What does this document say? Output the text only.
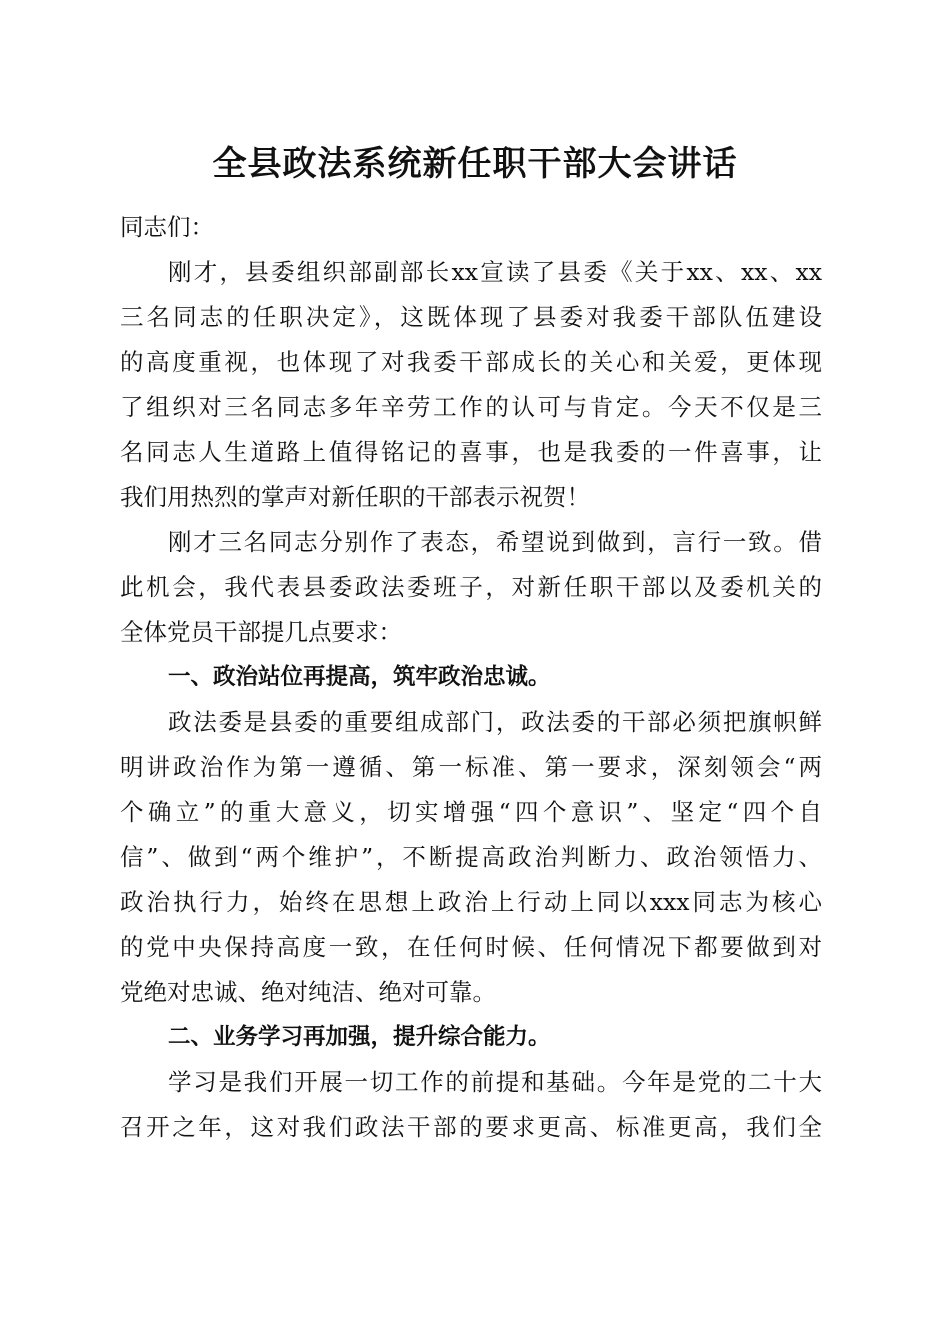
全县政法系统新任职干部大会讲话
同志们：
刚才，县委组织部副部长xx宣读了县委《关于xx、xx、xx
三名同志的任职决定》，这既体现了县委对我委干部队伍建设
的高度重视，也体现了对我委干部成长的关心和关爱，更体现
了组织对三名同志多年辛劳工作的认可与肯定。今天不仅是三
名同志人生道路上值得铭记的喜事，也是我委的一件喜事，让
我们用热烈的掌声对新任职的干部表示祝贺！
刚才三名同志分别作了表态，希望说到做到，言行一致。借
此机会，我代表县委政法委班子，对新任职干部以及委机关的
全体党员干部提几点要求：
一、政治站位再提高，筑牢政治忠诚。
政法委是县委的重要组成部门，政法委的干部必须把旗帜鲜
明讲政治作为第一遵循、第一标准、第一要求，深刻领会“两
个确立”的重大意义，切实增强“四个意识”、坚定“四个自
信”、做到“两个维护”，不断提高政治判断力、政治领悟力、
政治执行力，始终在思想上政治上行动上同以xxx同志为核心
的党中央保持高度一致，在任何时候、任何情况下都要做到对
党绝对忠诚、绝对纯洁、绝对可靠。
二、业务学习再加强，提升综合能力。
学习是我们开展一切工作的前提和基础。今年是党的二十大
召开之年，这对我们政法干部的要求更高、标准更高，我们全
